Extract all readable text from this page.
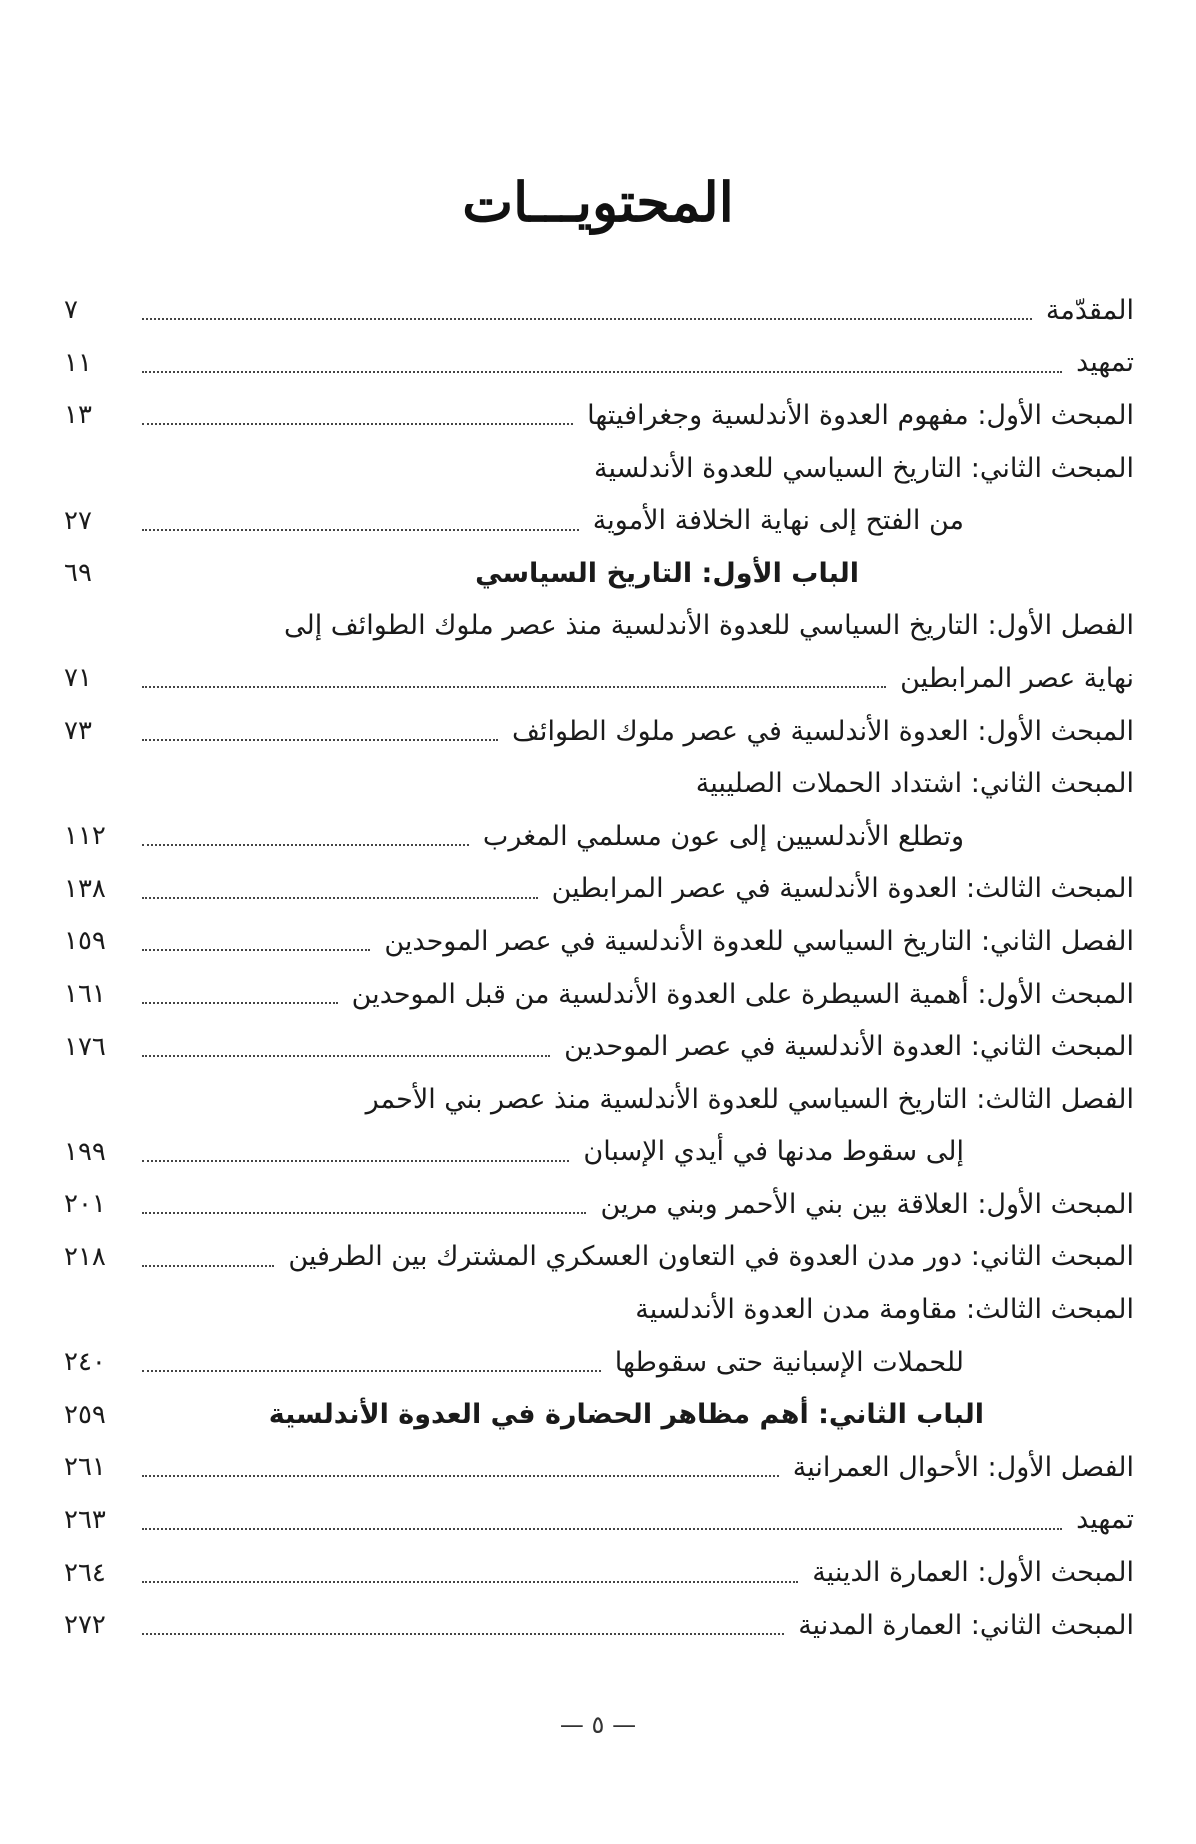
المحتويـــات
المقدّمة
٧
تمهيد
١١
المبحث الأول: مفهوم العدوة الأندلسية وجغرافيتها
١٣
المبحث الثاني: التاريخ السياسي للعدوة الأندلسية
من الفتح إلى نهاية الخلافة الأموية
٢٧
الباب الأول: التاريخ السياسي
٦٩
الفصل الأول: التاريخ السياسي للعدوة الأندلسية منذ عصر ملوك الطوائف إلى
نهاية عصر المرابطين
٧١
المبحث الأول: العدوة الأندلسية في عصر ملوك الطوائف
٧٣
المبحث الثاني: اشتداد الحملات الصليبية
وتطلع الأندلسيين إلى عون مسلمي المغرب
١١٢
المبحث الثالث: العدوة الأندلسية في عصر المرابطين
١٣٨
الفصل الثاني: التاريخ السياسي للعدوة الأندلسية في عصر الموحدين
١٥٩
المبحث الأول: أهمية السيطرة على العدوة الأندلسية من قبل الموحدين
١٦١
المبحث الثاني: العدوة الأندلسية في عصر الموحدين
١٧٦
الفصل الثالث: التاريخ السياسي للعدوة الأندلسية منذ عصر بني الأحمر
إلى سقوط مدنها في أيدي الإسبان
١٩٩
المبحث الأول: العلاقة بين بني الأحمر وبني مرين
٢٠١
المبحث الثاني: دور مدن العدوة في التعاون العسكري المشترك بين الطرفين
٢١٨
المبحث الثالث: مقاومة مدن العدوة الأندلسية
للحملات الإسبانية حتى سقوطها
٢٤٠
الباب الثاني: أهم مظاهر الحضارة في العدوة الأندلسية
٢٥٩
الفصل الأول: الأحوال العمرانية
٢٦١
تمهيد
٢٦٣
المبحث الأول: العمارة الدينية
٢٦٤
المبحث الثاني: العمارة المدنية
٢٧٢
— ٥ —
